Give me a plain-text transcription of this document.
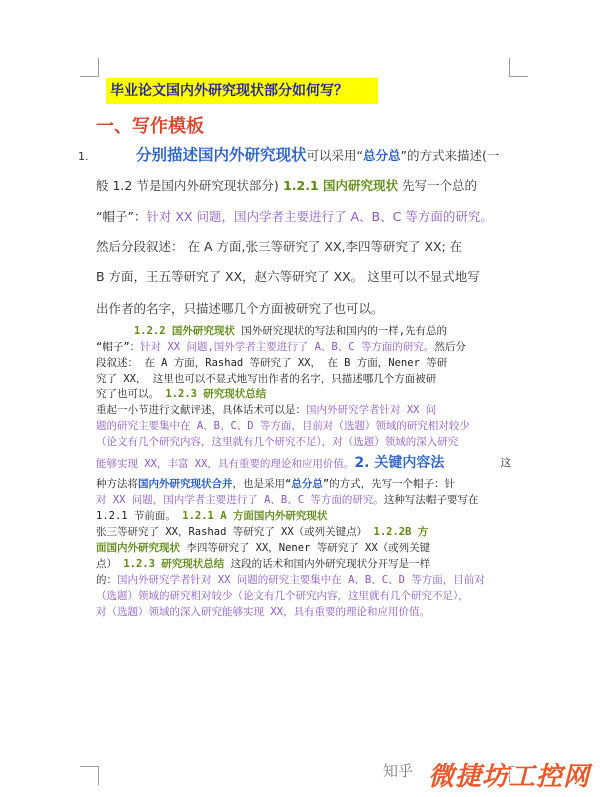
毕业论文国内外研究现状部分如何写？
一、写作模板
1.	分别描述国内外研究现状可以采用“总分总”的方式来描述(一
般 1.2 节是国内外研究现状部分) 1.2.1 国内研究现状 先写一个总的
“帽子”：针对 XX 问题，国内学者主要进行了 A、B、C 等方面的研究。
然后分段叙述： 在 A 方面,张三等研究了 XX,李四等研究了 XX; 在
B 方面，王五等研究了 XX，赵六等研究了 XX。 这里可以不显式地写
出作者的名字，只描述哪几个方面被研究了也可以。
1.2.2 国外研究现状 国外研究现状的写法和国内的一样,先有总的
“帽子”：针对 XX 问题,国外学者主要进行了 A、B、C 等方面的研究。然后分
段叙述： 在 A 方面，Rashad 等研究了 XX， 在 B 方面，Nener 等研
究了 XX， 这里也可以不显式地写出作者的名字，只描述哪几个方面被研
究了也可以。 1.2.3 研究现状总结
重起一小节进行文献评述，具体话术可以是：国内外研究学者针对 XX 问
题的研究主要集中在 A、B、C、D 等方面，目前对（选题）领域的研究相对较少
（论文有几个研究内容，这里就有几个研究不足），对（选题）领域的深入研究
能够实现 XX，丰富 XX，具有重要的理论和应用价值。2. 关键内容法	这
种方法将国内外研究现状合并，也是采用“总分总”的方式，先写一个帽子：针
对 XX 问题，国内学者主要进行了 A、B、C 等方面的研究。这种写法帽子要写在
1.2.1 节前面。 1.2.1 A 方面国内外研究现状
张三等研究了 XX，Rashad 等研究了 XX（或列关键点） 1.2.2B 方
面国内外研究现状 李四等研究了 XX，Nener 等研究了 XX（或列关键
点） 1.2.3 研究现状总结 这段的话术和国内外研究现状分开写是一样
的：国内外研究学者针对 XX 问题的研究主要集中在 A、B、C、D 等方面，目前对
（选题）领域的研究相对较少（论文有几个研究内容，这里就有几个研究不足），
对（选题）领域的深入研究能够实现 XX，具有重要的理论和应用价值。
知乎 微捷坊工控网
